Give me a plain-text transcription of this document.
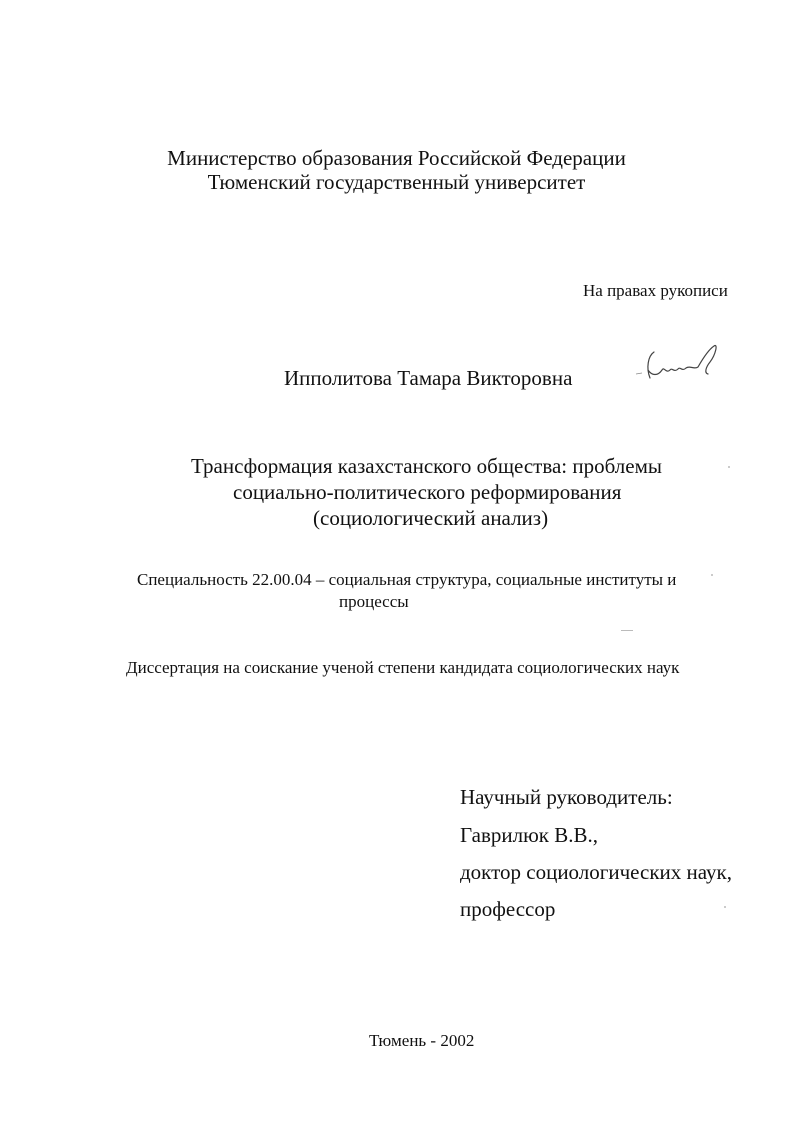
Министерство образования Российской Федерации
Тюменский государственный университет
На правах рукописи
Ипполитова Тамара Викторовна
Трансформация казахстанского общества: проблемы
социально-политического реформирования
(социологический анализ)
Специальность 22.00.04 – социальная структура, социальные институты и
процессы
Диссертация на соискание ученой степени кандидата социологических наук
Научный руководитель:
Гаврилюк В.В.,
доктор социологических наук,
профессор
Тюмень - 2002
